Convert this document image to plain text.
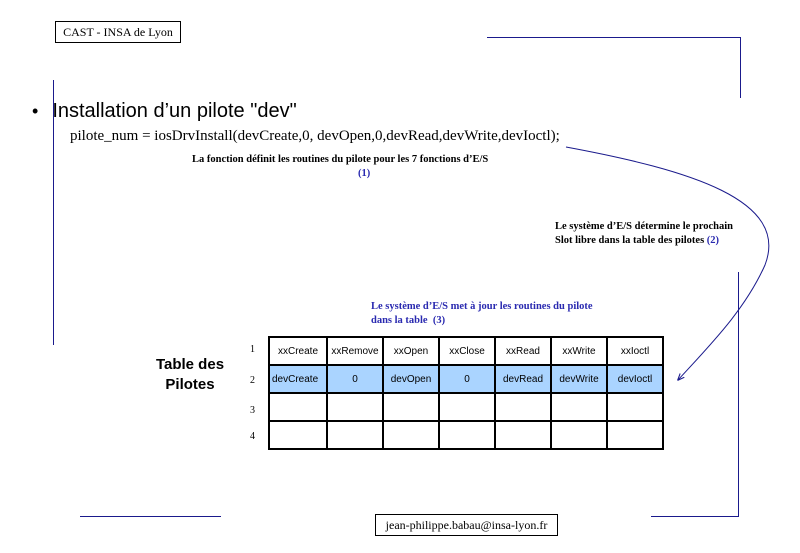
CAST - INSA de Lyon
jean-philippe.babau@insa-lyon.fr
• Installation d’un pilote "dev"
pilote_num = iosDrvInstall(devCreate,0, devOpen,0,devRead,devWrite,devIoctl);
La fonction définit les routines du pilote pour les 7 fonctions d’E/S
(1)
Le système d’E/S détermine le prochain
Slot libre dans la table des pilotes (2)
Le système d’E/S met à jour les routines du pilote
dans la table (3)
Table des
Pilotes
1
2
3
4
xxCreate	xxRemove	xxOpen	xxClose	xxRead	xxWrite	xxIoctl
devCreate	0	devOpen	0	devRead	devWrite	devIoctl
